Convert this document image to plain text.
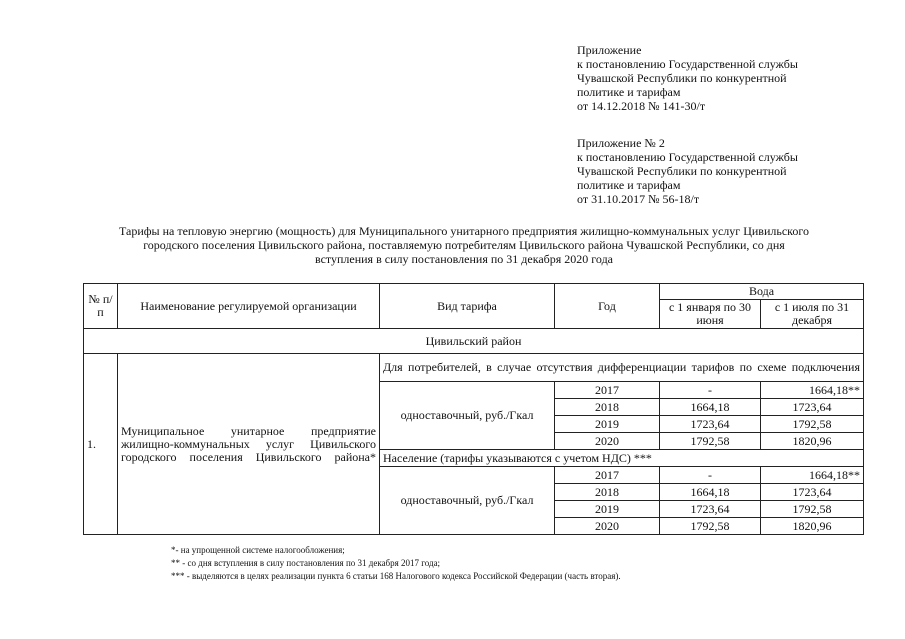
Приложение
к постановлению Государственной службы
Чувашской Республики по конкурентной
политике и тарифам
от 14.12.2018 № 141-30/т
Приложение № 2
к постановлению Государственной службы
Чувашской Республики по конкурентной
политике и тарифам
от 31.10.2017 № 56-18/т
Тарифы на тепловую энергию (мощность) для Муниципального унитарного предприятия жилищно-коммунальных услуг Цивильского
городского поселения Цивильского района, поставляемую потребителям Цивильского района Чувашской Республики, со дня
вступления в силу постановления по 31 декабря 2020 года
№ п/п	Наименование регулируемой организации	Вид тарифа	Год	Вода	
				с 1 января по 30 июня	с 1 июля по 31 декабря
Цивильский район					
1.	Муниципальное унитарное предприятие жилищно-коммунальных услуг Цивильского городского поселения Цивильского района*	Для потребителей, в случае отсутствия дифференциации тарифов по схеме подключения			
		одноставочный, руб./Гкал	2017	-	1664,18**
			2018	1664,18	1723,64
			2019	1723,64	1792,58
			2020	1792,58	1820,96
		Население (тарифы указываются с учетом НДС) ***			
		одноставочный, руб./Гкал	2017	-	1664,18**
			2018	1664,18	1723,64
			2019	1723,64	1792,58
			2020	1792,58	1820,96
*- на упрощенной системе налогообложения;
** - со дня вступления в силу постановления по 31 декабря 2017 года;
*** - выделяются в целях реализации пункта 6 статьи 168 Налогового кодекса Российской Федерации (часть вторая).
